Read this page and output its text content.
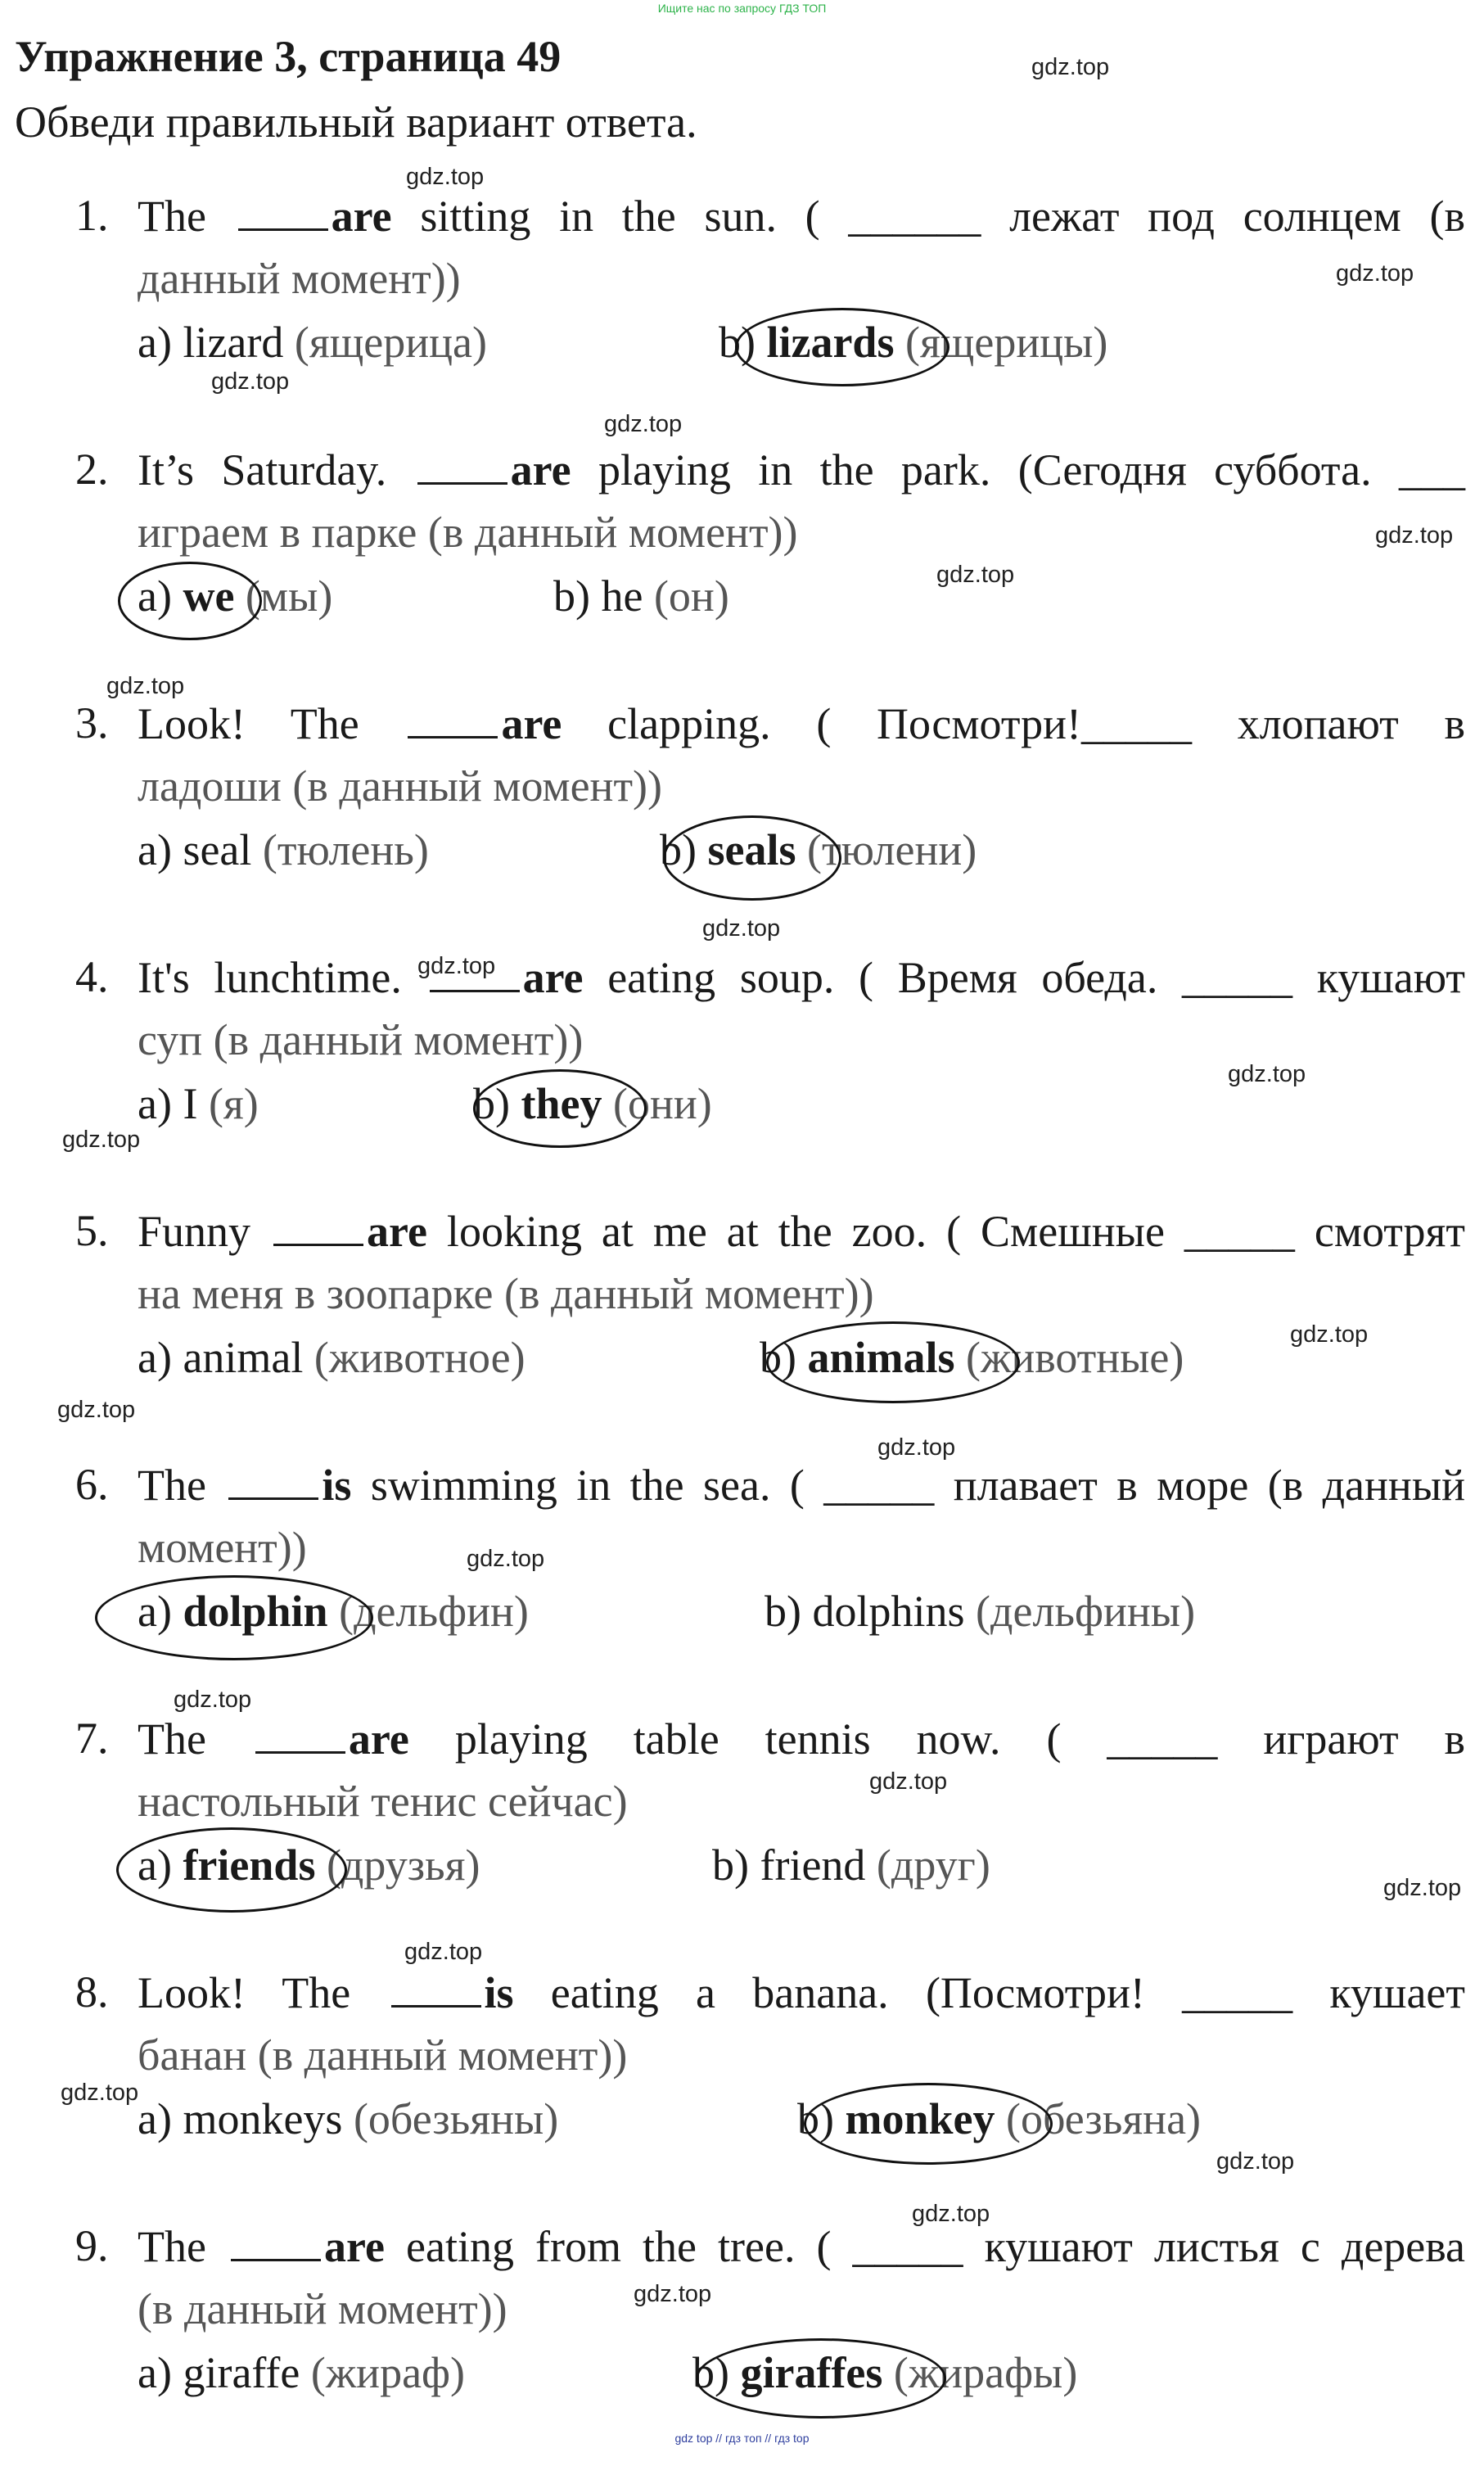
Ищите нас по запросу ГДЗ ТОП
Упражнение 3, страница 49
Обведи правильный вариант ответа.
1. The are sitting in the sun. ( ______ лежат под солнцем (в
данный момент))
a) lizard (ящерица)	b) lizards (ящерицы)
2. It’s Saturday. are playing in the park. (Сегодня суббота. ___
играем в парке (в данный момент))
a) we (мы)	b) he (он)
3. Look! The are clapping. ( Посмотри!_____ хлопают в
ладоши (в данный момент))
a) seal (тюлень)	b) seals (тюлени)
4. It's lunchtime. are eating soup. ( Время обеда. _____ кушают
суп (в данный момент))
a) I (я)	b) they (они)
5. Funny are looking at me at the zoo. ( Смешные _____ смотрят
на меня в зоопарке (в данный момент))
a) animal (животное)	b) animals (животные)
6. The is swimming in the sea. ( _____ плавает в море (в данный
момент))
a) dolphin (дельфин)	b) dolphins (дельфины)
7. The are playing table tennis now. ( _____ играют в
настольный тенис сейчас)
a) friends (друзья)	b) friend (друг)
8. Look! The is eating a banana. (Посмотри! _____ кушает
банан (в данный момент))
a) monkeys (обезьяны)	b) monkey (обезьяна)
9. The are eating from the tree. ( _____ кушают листья с дерева
(в данный момент))
a) giraffe (жираф)	b) giraffes (жирафы)
gdz.top
gdz.top
gdz.top
gdz.top
gdz.top
gdz.top
gdz.top
gdz.top
gdz.top
gdz.top
gdz.top
gdz.top
gdz.top
gdz.top
gdz.top
gdz.top
gdz.top
gdz.top
gdz.top
gdz.top
gdz.top
gdz.top
gdz.top
gdz.top
gdz top // гдз топ // гдз top
